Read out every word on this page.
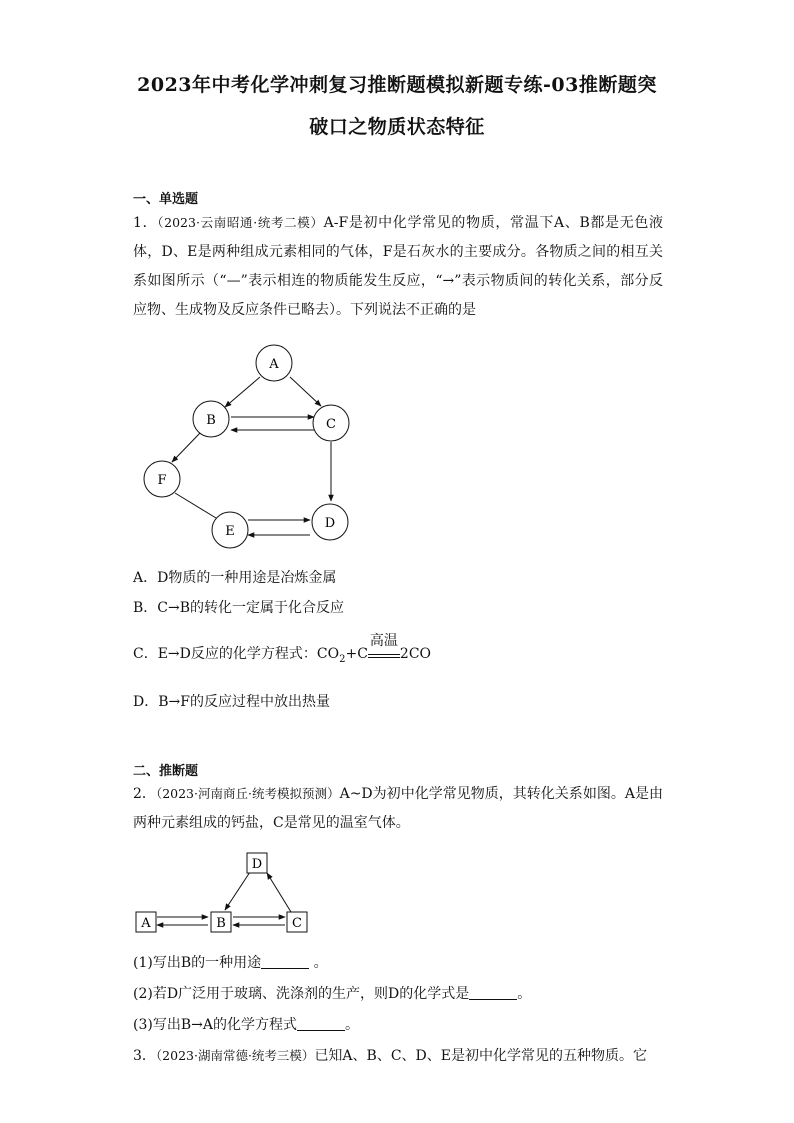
2023年中考化学冲刺复习推断题模拟新题专练-03推断题突
破口之物质状态特征
一、单选题
1．（2023·云南昭通·统考二模）A-F是初中化学常见的物质，常温下A、B都是无色液体，D、E是两种组成元素相同的气体，F是石灰水的主要成分。各物质之间的相互关系如图所示（“—”表示相连的物质能发生反应，“→”表示物质间的转化关系，部分反应物、生成物及反应条件已略去）。下列说法不正确的是
A
B	C
F
E
D
A．D物质的一种用途是冶炼金属
B．C→B的转化一定属于化合反应
C．E→D反应的化学方程式：$CO_2+C$
高温
2CO
D．B→F的反应过程中放出热量
二、推断题
2．（2023·河南商丘·统考模拟预测）A~D为初中化学常见物质，其转化关系如图。A是由两种元素组成的钙盐，C是常见的温室气体。
D
A	B	C
(1)写出B的一种用途	。
(2)若D广泛用于玻璃、洗涤剂的生产，则D的化学式是	。
(3)写出B→A的化学方程式	。
3．（2023·湖南常德·统考三模）已知A、B、C、D、E是初中化学常见的五种物质。它
